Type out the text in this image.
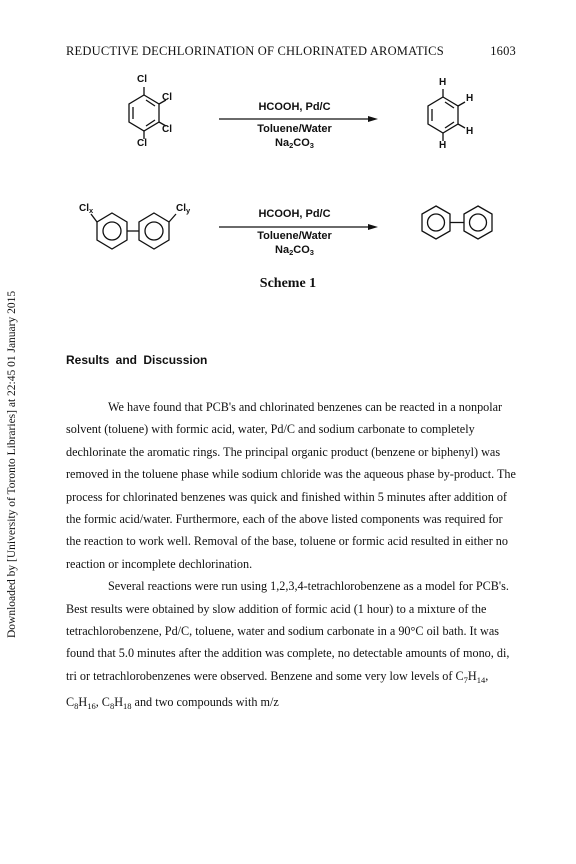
REDUCTIVE DECHLORINATION OF CHLORINATED AROMATICS	1603
Downloaded by [University of Toronto Libraries] at 22:45 01 January 2015
Cl
Cl
Cl
Cl
H
H
H
H
HCOOH, Pd/C
Toluene/Water
$Na_2CO_3$
$Cl_x$	$Cl_y$	HCOOH, Pd/C
Toluene/Water
$Na_2CO_3$
Scheme 1
Results and Discussion

We have found that PCB's and chlorinated benzenes can be reacted in a nonpolar solvent (toluene) with formic acid, water, Pd/C and sodium carbonate to completely dechlorinate the aromatic rings. The principal organic product (benzene or biphenyl) was removed in the toluene phase while sodium chloride was the aqueous phase by-product. The process for chlorinated benzenes was quick and finished within 5 minutes after addition of the formic acid/water. Furthermore, each of the above listed components was required for the reaction to work well. Removal of the base, toluene or formic acid resulted in either no reaction or incomplete dechlorination.

Several reactions were run using 1,2,3,4-tetrachlorobenzene as a model for PCB's. Best results were obtained by slow addition of formic acid (1 hour) to a mixture of the tetrachlorobenzene, Pd/C, toluene, water and sodium carbonate in a 90°C oil bath. It was found that 5.0 minutes after the addition was complete, no detectable amounts of mono, di, tri or tetrachlorobenzenes were observed. Benzene and some very low levels of $C_7H_{14}$, $C_8H_{16}$, $C_8H_{18}$ and two compounds with m/z
